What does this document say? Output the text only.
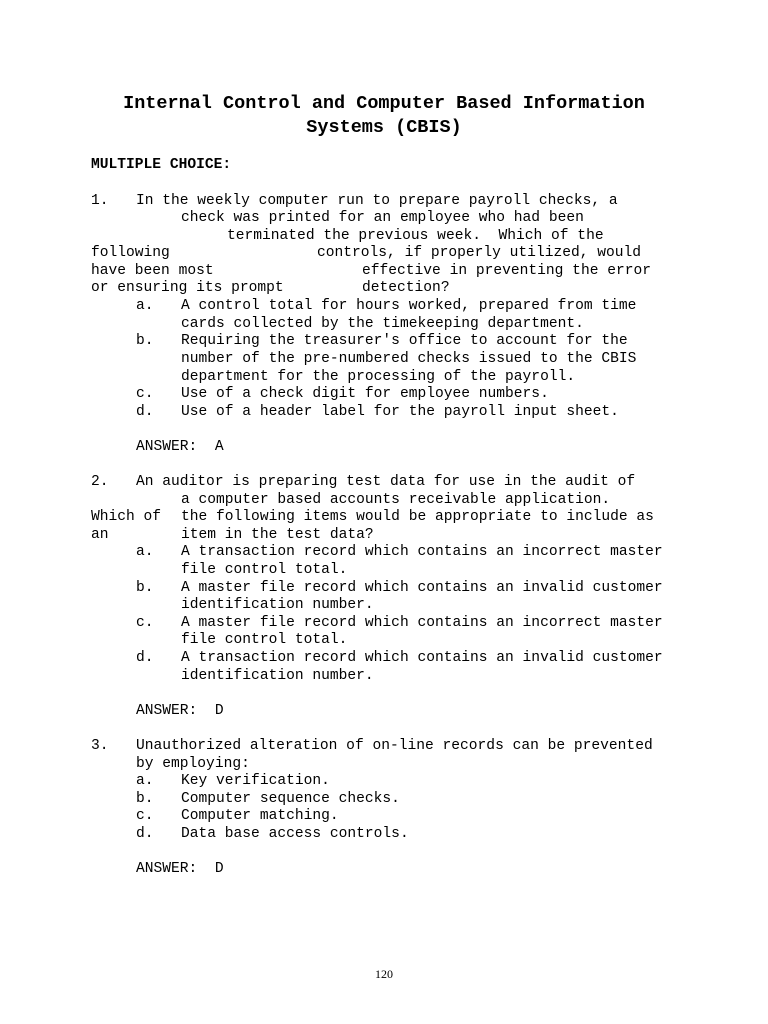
Internal Control and Computer Based Information
Systems (CBIS)
MULTIPLE CHOICE:
1. In the weekly computer run to prepare payroll checks, a
check was printed for an employee who had been
terminated the previous week.  Which of the
following	controls, if properly utilized, would
have been most	effective in preventing the error
or ensuring its prompt	detection?
a. A control total for hours worked, prepared from time
cards collected by the timekeeping department.
b. Requiring the treasurer's office to account for the
number of the pre-numbered checks issued to the CBIS
department for the processing of the payroll.
c. Use of a check digit for employee numbers.
d. Use of a header label for the payroll input sheet.
ANSWER:  A
2. An auditor is preparing test data for use in the audit of
a computer based accounts receivable application.
Which of the following items would be appropriate to include as
an	item in the test data?
a. A transaction record which contains an incorrect master
file control total.
b. A master file record which contains an invalid customer
identification number.
c. A master file record which contains an incorrect master
file control total.
d. A transaction record which contains an invalid customer
identification number.
ANSWER:  D
3. Unauthorized alteration of on-line records can be prevented
by employing:
a. Key verification.
b. Computer sequence checks.
c. Computer matching.
d. Data base access controls.
ANSWER:  D
120
